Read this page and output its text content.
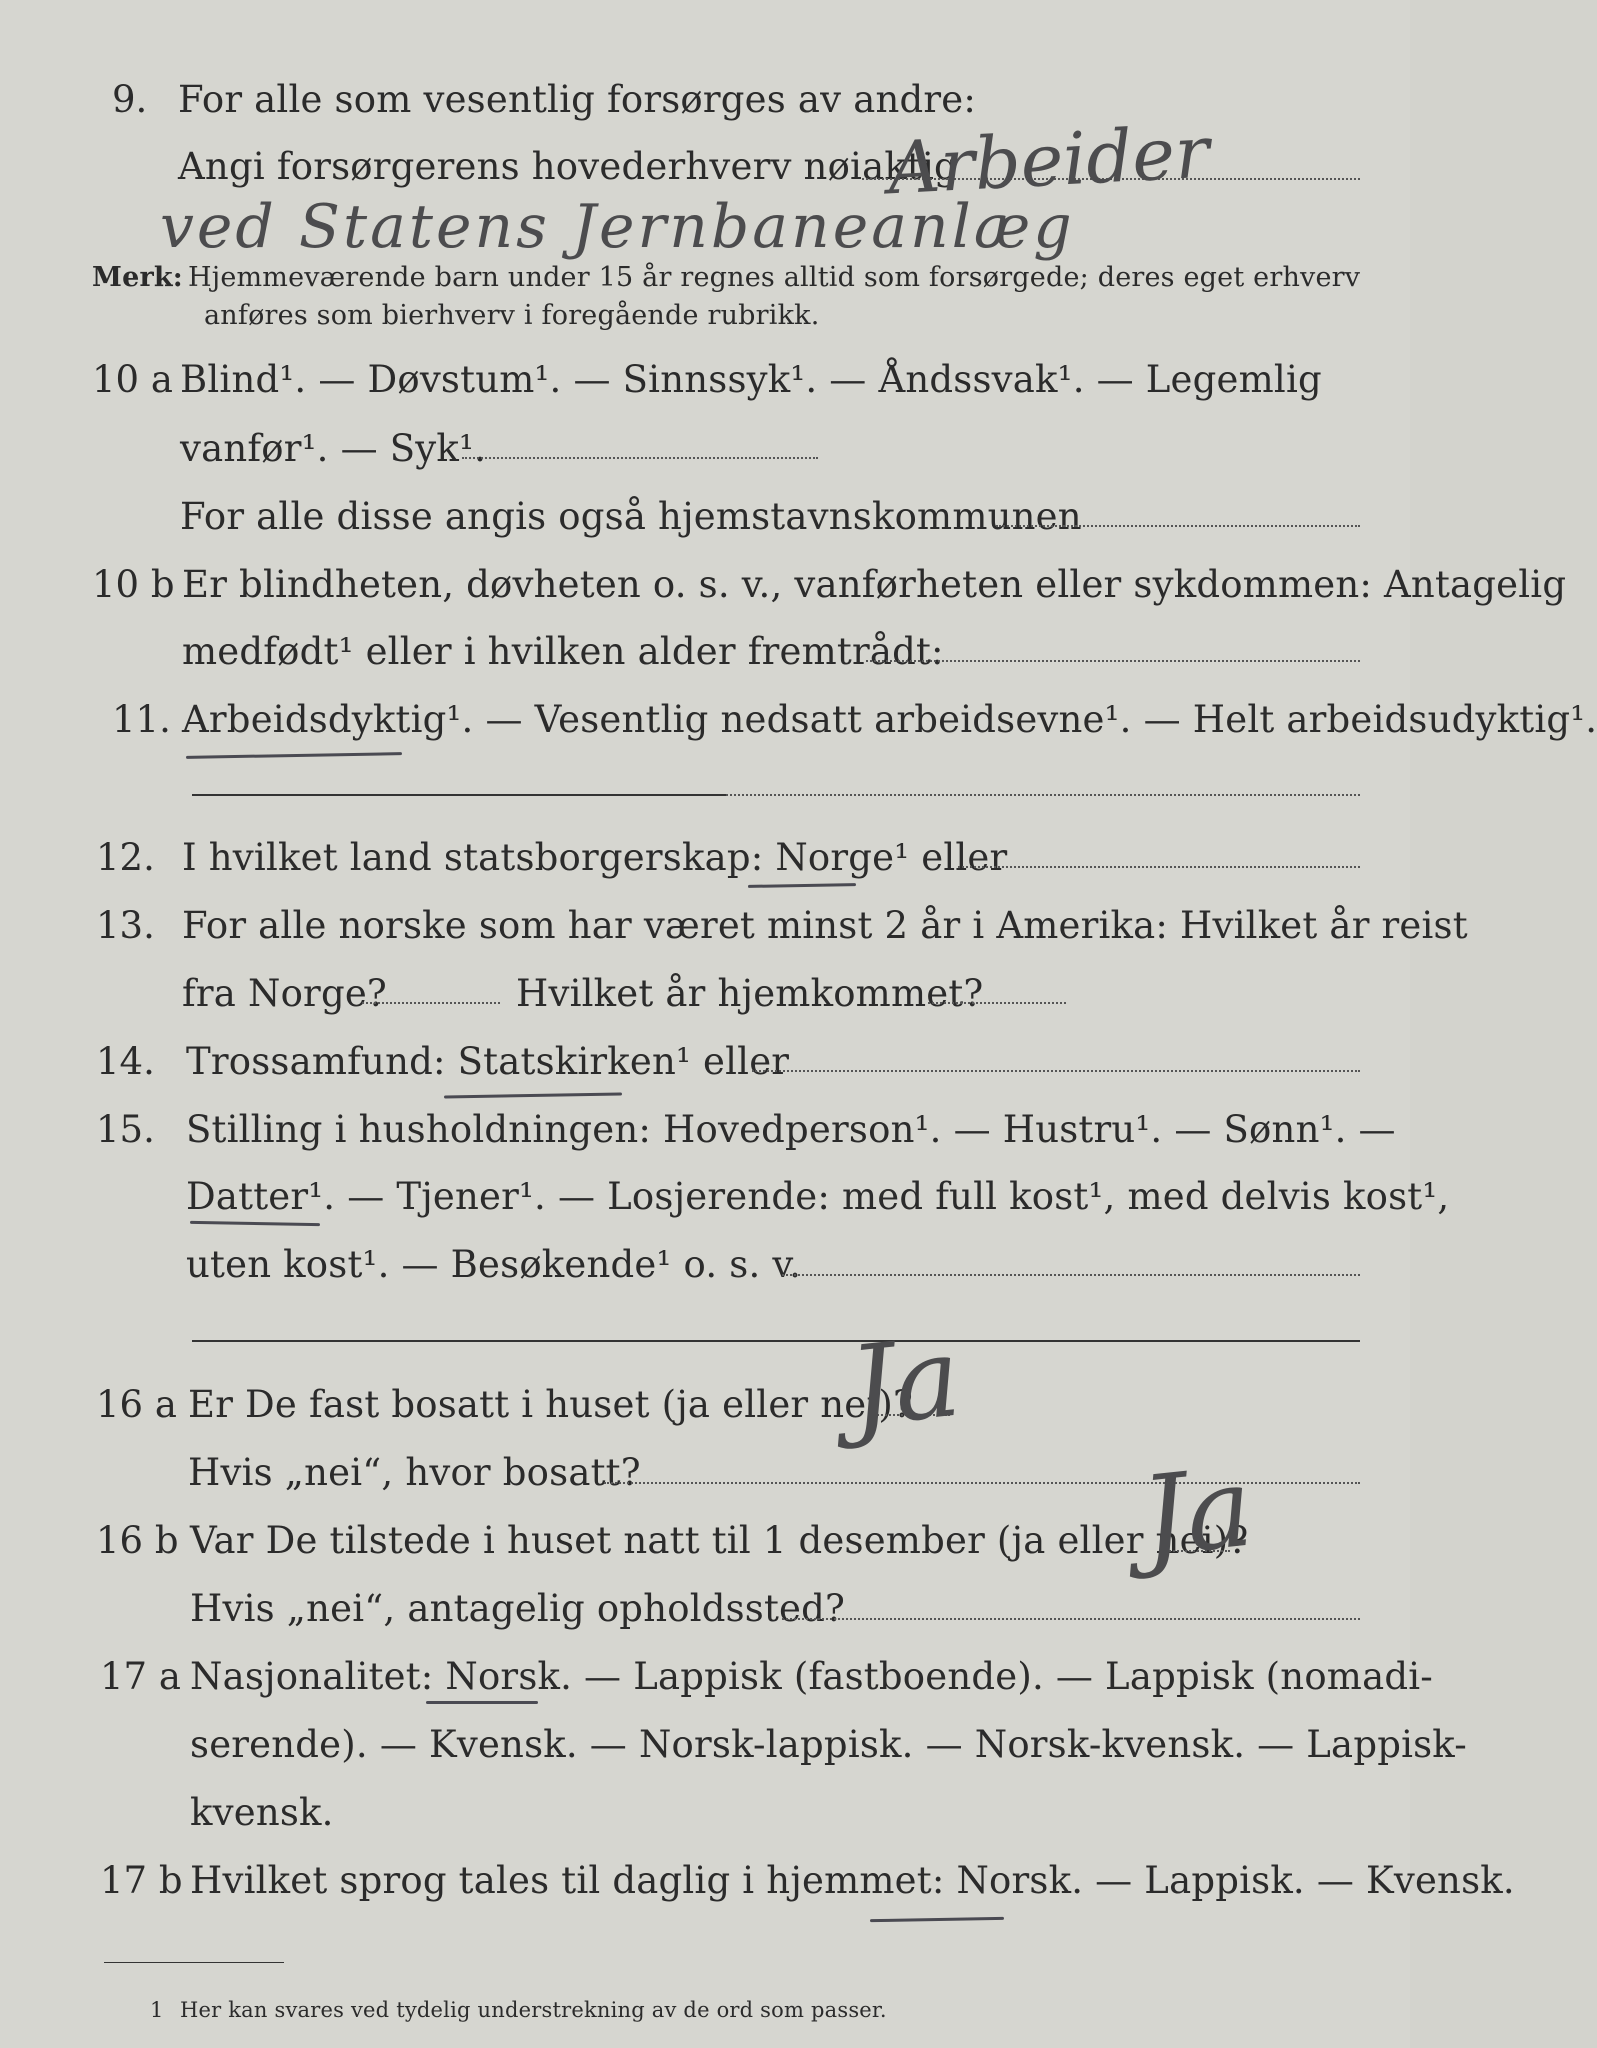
9. For alle som vesentlig forsørges av andre:
Angi forsørgerens hovederhverv nøiaktig
Arbeider
ved Statens Jernbaneanlæg
Merk: Hjemmeværende barn under 15 år regnes alltid som forsørgede; deres eget erhverv
anføres som bierhverv i foregående rubrikk.
10 a Blind¹. — Døvstum¹. — Sinnssyk¹. — Åndssvak¹. — Legemlig
vanfør¹. — Syk¹.
For alle disse angis også hjemstavnskommunen
10 b Er blindheten, døvheten o. s. v., vanførheten eller sykdommen: Antagelig
medfødt¹ eller i hvilken alder fremtrådt:
11. Arbeidsdyktig¹. — Vesentlig nedsatt arbeidsevne¹. — Helt arbeidsudyktig¹.
12. I hvilket land statsborgerskap: Norge¹ eller
13. For alle norske som har været minst 2 år i Amerika: Hvilket år reist
fra Norge?	Hvilket år hjemkommet?
14. Trossamfund: Statskirken¹ eller
15. Stilling i husholdningen: Hovedperson¹. — Hustru¹. — Sønn¹. —
Datter¹. — Tjener¹. — Losjerende: med full kost¹, med delvis kost¹,
uten kost¹. — Besøkende¹ o. s. v.
16 a Er De fast bosatt i huset (ja eller nei)?
Ja
Hvis „nei“, hvor bosatt?
16 b Var De tilstede i huset natt til 1 desember (ja eller nei)?
Ja
Hvis „nei“, antagelig opholdssted?
17 a Nasjonalitet: Norsk. — Lappisk (fastboende). — Lappisk (nomadi-
serende). — Kvensk. — Norsk-lappisk. — Norsk-kvensk. — Lappisk-
kvensk.
17 b Hvilket sprog tales til daglig i hjemmet: Norsk. — Lappisk. — Kvensk.
1 Her kan svares ved tydelig understrekning av de ord som passer.
